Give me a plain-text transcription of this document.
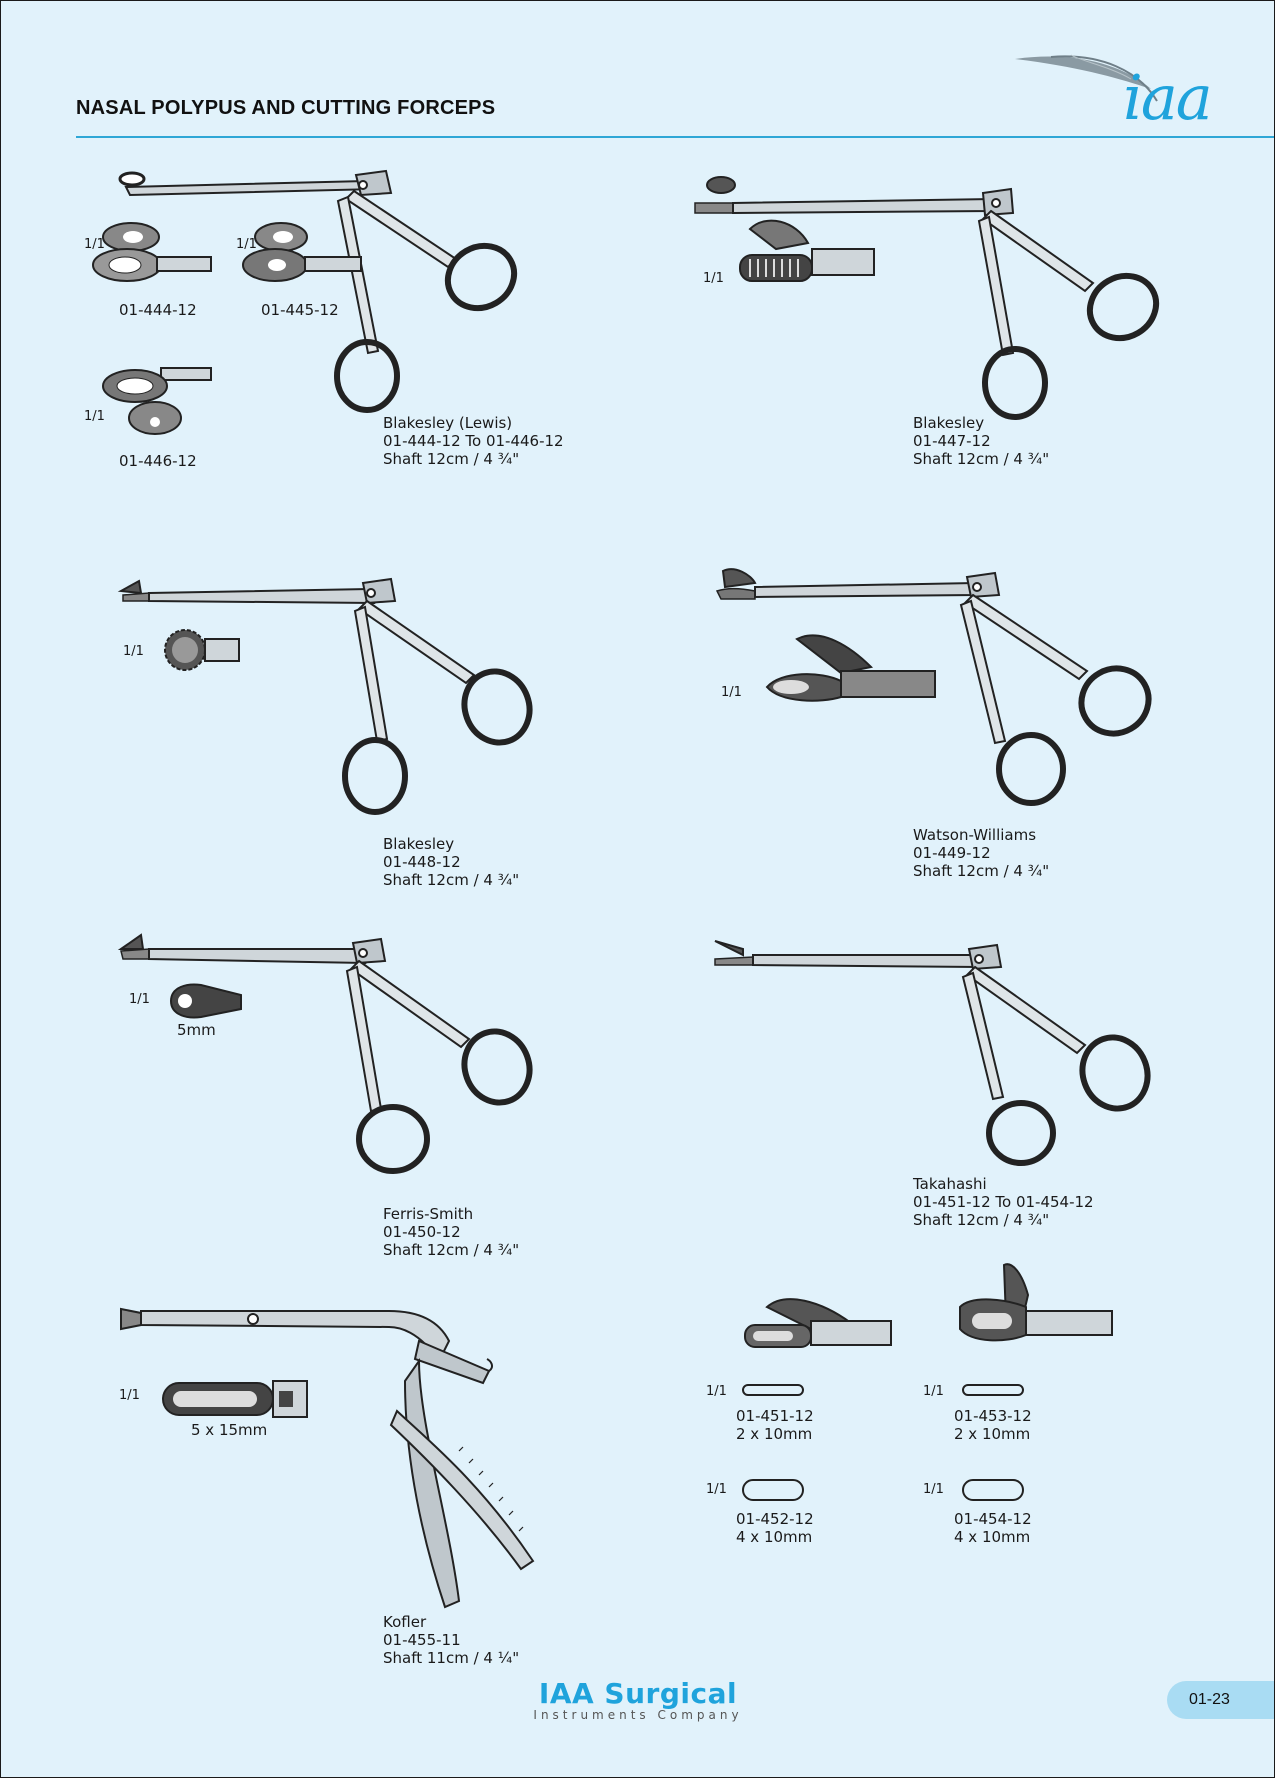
NASAL POLYPUS AND CUTTING FORCEPS	iaa
1/1	1/1
1/1
01-444-12	01-445-12
01-446-12
Blakesley (Lewis)
01-444-12 To 01-446-12
Shaft 12cm / 4 ¾"
1/1
Blakesley
01-447-12
Shaft 12cm / 4 ¾"
1/1
Blakesley
01-448-12
Shaft 12cm / 4 ¾"
1/1
Watson-Williams
01-449-12
Shaft 12cm / 4 ¾"
1/1
5mm
Ferris-Smith
01-450-12
Shaft 12cm / 4 ¾"
Takahashi
01-451-12 To 01-454-12
Shaft 12cm / 4 ¾"
1/1	1/1
1/1	1/1
01-451-12
2 x 10mm
01-453-12
2 x 10mm
01-452-12
4 x 10mm
01-454-12
4 x 10mm
1/1
5 x 15mm
Kofler
01-455-11
Shaft 11cm / 4 ¼"
IAA Surgical
Instruments Company
01-23
